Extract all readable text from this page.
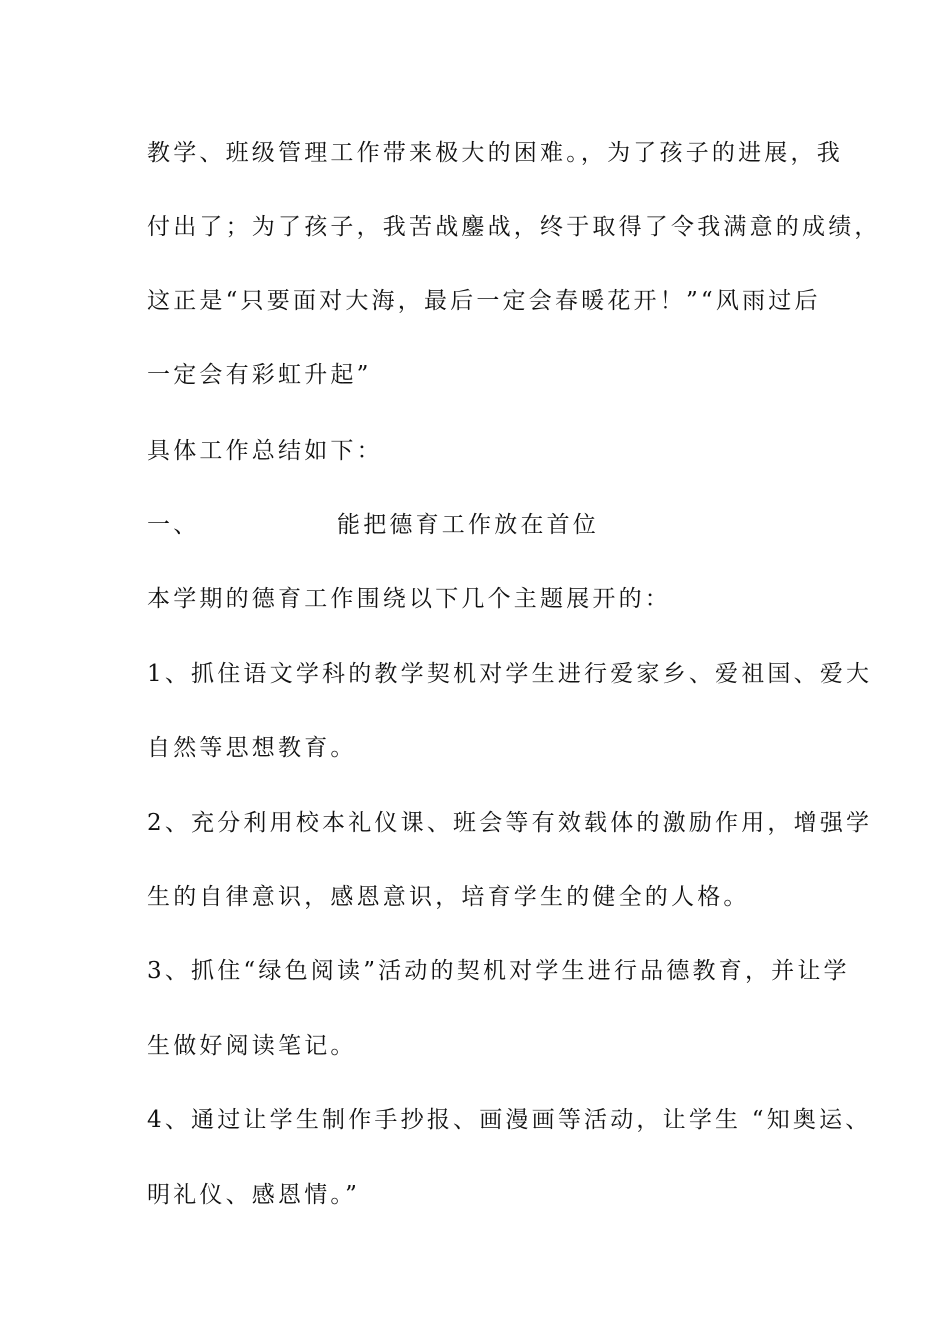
教学、班级管理工作带来极大的困难。，为了孩子的进展，我
付出了；为了孩子，我苦战鏖战，终于取得了令我满意的成绩，
这正是“只要面对大海，最后一定会春暖花开！”“风雨过后
一定会有彩虹升起”
具体工作总结如下：
一、	能把德育工作放在首位
本学期的德育工作围绕以下几个主题展开的：
1、抓住语文学科的教学契机对学生进行爱家乡、爱祖国、爱大
自然等思想教育。
2、充分利用校本礼仪课、班会等有效载体的激励作用，增强学
生的自律意识，感恩意识，培育学生的健全的人格。
3、抓住“绿色阅读”活动的契机对学生进行品德教育，并让学
生做好阅读笔记。
4、通过让学生制作手抄报、画漫画等活动，让学生 “知奥运、
明礼仪、感恩情。”
